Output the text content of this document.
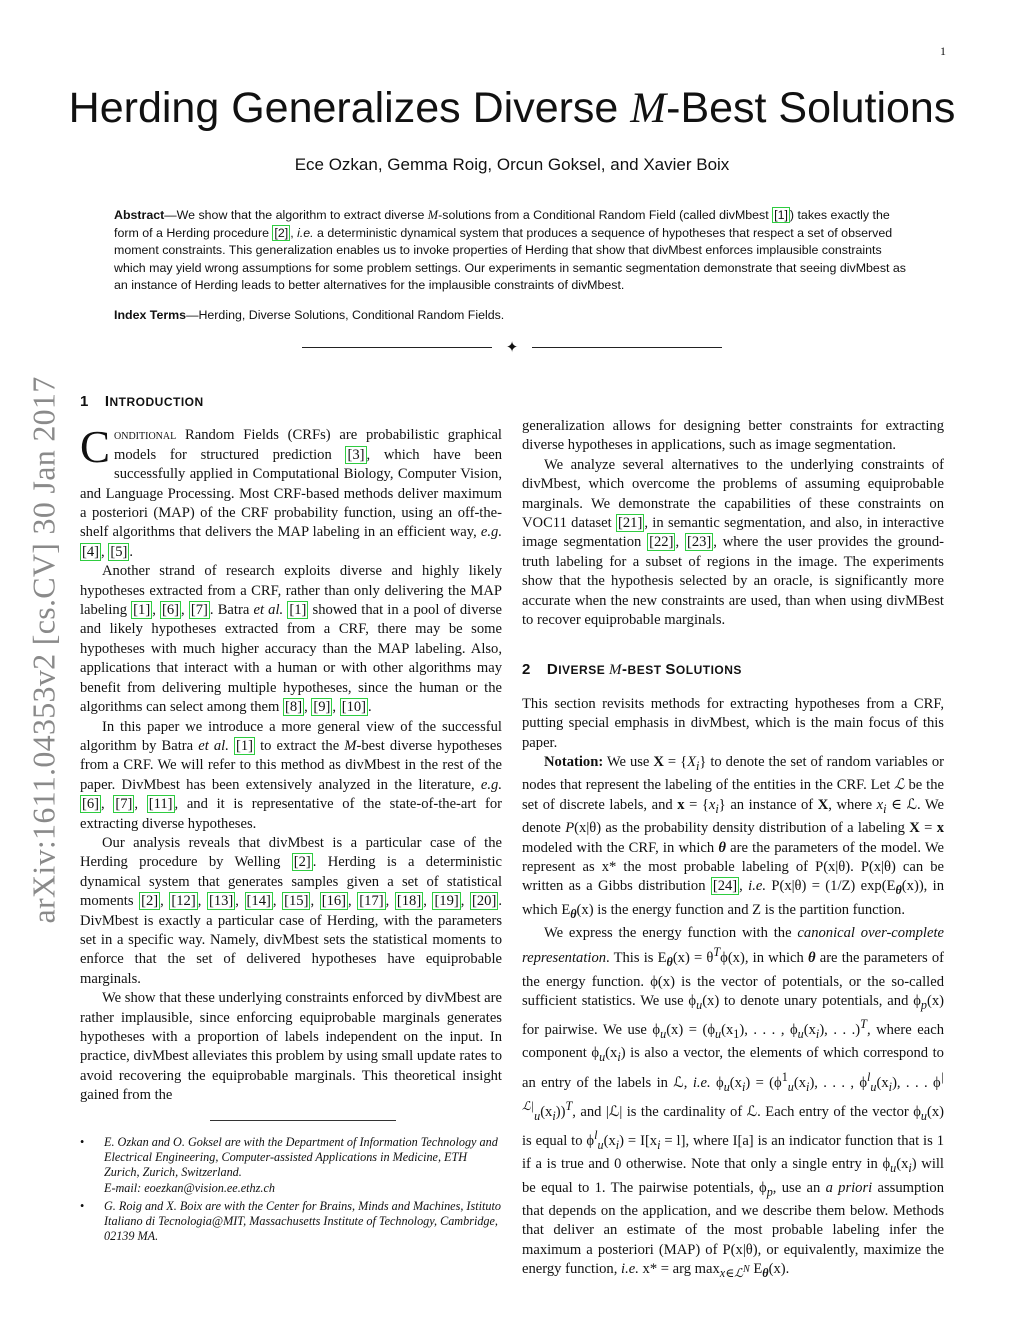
1
arXiv:1611.04353v2 [cs.CV] 30 Jan 2017
Herding Generalizes Diverse M-Best Solutions
Ece Ozkan, Gemma Roig, Orcun Goksel, and Xavier Boix

Abstract—We show that the algorithm to extract diverse M-solutions from a Conditional Random Field (called divMbest [1] ) takes exactly the form of a Herding procedure [2] , i.e. a deterministic dynamical system that produces a sequence of hypotheses that respect a set of observed moment constraints. This generalization enables us to invoke properties of Herding that show that divMbest enforces implausible constraints which may yield wrong assumptions for some problem settings. Our experiments in semantic segmentation demonstrate that seeing divMbest as an instance of Herding leads to better alternatives for the implausible constraints of divMbest.

Index Terms—Herding, Diverse Solutions, Conditional Random Fields.

✦
1 INTRODUCTION

Conditional Random Fields (CRFs) are probabilistic graphical models for structured prediction [3] , which have been successfully applied in Computational Biology, Computer Vision, and Language Processing. Most CRF-based methods deliver maximum a posteriori (MAP) of the CRF probability function, using an off-the-shelf algorithms that delivers the MAP labeling in an efficient way, e.g. [4] , [5] .

Another strand of research exploits diverse and highly likely hypotheses extracted from a CRF, rather than only delivering the MAP labeling [1] , [6] , [7] . Batra et al. [1] showed that in a pool of diverse and likely hypotheses extracted from a CRF, there may be some hypotheses with much higher accuracy than the MAP labeling. Also, applications that interact with a human or with other algorithms may benefit from delivering multiple hypotheses, since the human or the algorithms can select among them [8] , [9] , [10] .

In this paper we introduce a more general view of the successful algorithm by Batra et al. [1] to extract the M-best diverse hypotheses from a CRF. We will refer to this method as divMbest in the rest of the paper. DivMbest has been extensively analyzed in the literature, e.g. [6] , [7] , [11] , and it is representative of the state-of-the-art for extracting diverse hypotheses.

Our analysis reveals that divMbest is a particular case of the Herding procedure by Welling [2] . Herding is a deterministic dynamical system that generates samples given a set of statistical moments [2] , [12] , [13] , [14] , [15] , [16] , [17] , [18] , [19] , [20] . DivMbest is exactly a particular case of Herding, with the parameters set in a specific way. Namely, divMbest sets the statistical moments to enforce that the set of delivered hypotheses have equiprobable marginals.

We show that these underlying constraints enforced by divMbest are rather implausible, since enforcing equiprobable marginals generates hypotheses with a proportion of labels independent on the input. In practice, divMbest alleviates this problem by using small update rates to avoid recovering the equiprobable marginals. This theoretical insight gained from the

generalization allows for designing better constraints for extracting diverse hypotheses in applications, such as image segmentation.

We analyze several alternatives to the underlying constraints of divMbest, which overcome the problems of assuming equiprobable marginals. We demonstrate the capabilities of these constraints on VOC11 dataset [21] , in semantic segmentation, and also, in interactive image segmentation [22] , [23] , where the user provides the ground-truth labeling for a subset of regions in the image. The experiments show that the hypothesis selected by an oracle, is significantly more accurate when the new constraints are used, than when using divMBest to recover equiprobable marginals.

2 DIVERSE M-BEST SOLUTIONS

This section revisits methods for extracting hypotheses from a CRF, putting special emphasis in divMbest, which is the main focus of this paper.

Notation: We use $X = \{X_i\}$ to denote the set of random variables or nodes that represent the labeling of the entities in the CRF. Let ℒ be the set of discrete labels, and $x = \{x_i\}$ an instance of X, where $x_i$ ∈ ℒ. We denote P(x|θ) as the probability density distribution of a labeling X = x modeled with the CRF, in which θ are the parameters of the model. We represent as x* the most probable labeling of P(x|θ). P(x|θ) can be written as a Gibbs distribution [24] , i.e. P(x|θ) = (1/Z) $\exp(E_\theta(x))$, in which $E_\theta(x)$ is the energy function and Z is the partition function.

We express the energy function with the canonical over-complete representation. This is $E_\theta(x) = \theta^T\phi(x)$, in which θ are the parameters of the energy function. ϕ(x) is the vector of potentials, or the so-called sufficient statistics. We use $\phi_u(x)$ to denote unary potentials, and $\phi_p(x)$ for pairwise. We use $\phi_u(x) = (\phi_u(x_1)$, . . . , $\phi_u(x_i)$, . . .)$^T$, where each component $\phi_u(x_i)$ is also a vector, the elements of which correspond to an entry of the labels in ℒ, i.e. $\phi_u(x_i) = (\phi^1_u(x_i)$, . . . , $\phi^l_u(x_i)$, . . . $\phi^{|ℒ|}_u(x_i))^T$, and |ℒ| is the cardinality of ℒ. Each entry of the vector $\phi_u(x)$ is equal to $\phi^l_u(x_i) = I[x_i = l]$, where I[a] is an indicator function that is 1 if a is true and 0 otherwise. Note that only a single entry in $\phi_u(x_i)$ will be equal to 1. The pairwise potentials, $\phi_p$, use an a priori assumption that depends on the application, and we describe them below. Methods that deliver an estimate of the most probable labeling infer the maximum a posteriori (MAP) of P(x|θ), or equivalently, maximize the energy function, i.e. x* = arg $\max_{x\in ℒ^N} E_\theta(x)$.

• E. Ozkan and O. Goksel are with the Department of Information Technology and Electrical Engineering, Computer-assisted Applications in Medicine, ETH Zurich, Zurich, Switzerland.
E-mail: eoezkan@vision.ee.ethz.ch
• G. Roig and X. Boix are with the Center for Brains, Minds and Machines, Istituto Italiano di Tecnologia@MIT, Massachusetts Institute of Technology, Cambridge, 02139 MA.
